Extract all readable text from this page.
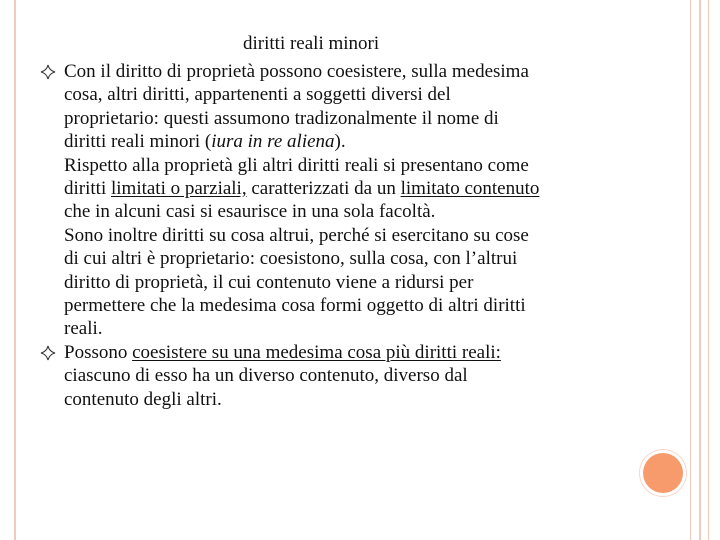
diritti reali minori

Con il diritto di proprietà possono coesistere, sulla medesima
cosa, altri diritti, appartenenti a soggetti diversi del
proprietario: questi assumono tradizonalmente il nome di
diritti reali minori (iura in re aliena).
Rispetto alla proprietà gli altri diritti reali si presentano come
diritti limitati o parziali, caratterizzati da un limitato contenuto
che in alcuni casi si esaurisce in una sola facoltà.
Sono inoltre diritti su cosa altrui, perché si esercitano su cose
di cui altri è proprietario: coesistono, sulla cosa, con l’altrui
diritto di proprietà, il cui contenuto viene a ridursi per
permettere che la medesima cosa formi oggetto di altri diritti
reali.
Possono coesistere su una medesima cosa più diritti reali:
ciascuno di esso ha un diverso contenuto, diverso dal
contenuto degli altri.
